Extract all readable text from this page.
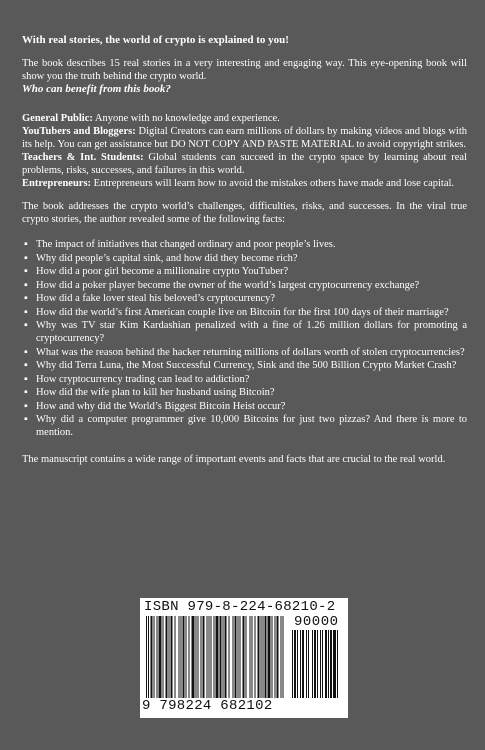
With real stories, the world of crypto is explained to you!

The book describes 15 real stories in a very interesting and engaging way. This eye-opening book will show you the truth behind the crypto world.

Who can benefit from this book?

General Public: Anyone with no knowledge and experience.

YouTubers and Bloggers: Digital Creators can earn millions of dollars by making videos and blogs with its help. You can get assistance but DO NOT COPY AND PASTE MATERIAL to avoid copyright strikes.

Teachers & Int. Students: Global students can succeed in the crypto space by learning about real problems, risks, successes, and failures in this world.

Entrepreneurs: Entrepreneurs will learn how to avoid the mistakes others have made and lose capital.

The book addresses the crypto world’s challenges, difficulties, risks, and successes. In the viral true crypto stories, the author revealed some of the following facts:

▪ The impact of initiatives that changed ordinary and poor people’s lives.
▪ Why did people’s capital sink, and how did they become rich?
▪ How did a poor girl become a millionaire crypto YouTuber?
▪ How did a poker player become the owner of the world’s largest cryptocurrency exchange?
▪ How did a fake lover steal his beloved’s cryptocurrency?
▪ How did the world’s first American couple live on Bitcoin for the first 100 days of their marriage?
▪ Why was TV star Kim Kardashian penalized with a fine of 1.26 million dollars for promoting a cryptocurrency?
▪ What was the reason behind the hacker returning millions of dollars worth of stolen cryptocurrencies?
▪ Why did Terra Luna, the Most Successful Currency, Sink and the 500 Billion Crypto Market Crash?
▪ How cryptocurrency trading can lead to addiction?
▪ How did the wife plan to kill her husband using Bitcoin?
▪ How and why did the World’s Biggest Bitcoin Heist occur?
▪ Why did a computer programmer give 10,000 Bitcoins for just two pizzas? And there is more to mention.

The manuscript contains a wide range of important events and facts that are crucial to the real world.

ISBN 979-8-224-68210-2
90000
9 798224 682102
